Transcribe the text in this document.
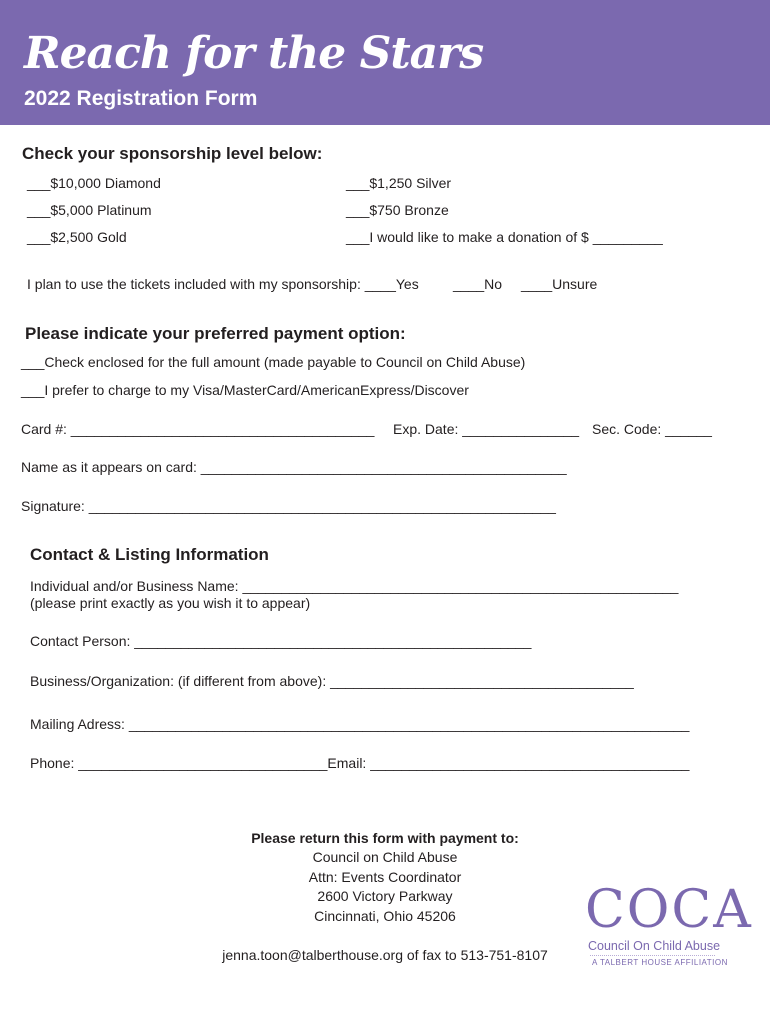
Reach for the Stars
2022 Registration Form
Check your sponsorship level below:
___$10,000 Diamond
___$5,000 Platinum
___$2,500 Gold
___$1,250 Silver
___$750 Bronze
___I would like to make a donation of $ _________
I plan to use the tickets included with my sponsorship: ____Yes ____No ____Unsure
Please indicate your preferred payment option:
___Check enclosed for the full amount (made payable to Council on Child Abuse)
___I prefer to charge to my Visa/MasterCard/AmericanExpress/Discover
Card #: _______________________________________ Exp. Date: _______________ Sec. Code: ______
Name as it appears on card: _______________________________________________
Signature: ____________________________________________________________
Contact & Listing Information
Individual and/or Business Name: ________________________________________________________
(please print exactly as you wish it to appear)
Contact Person: ___________________________________________________
Business/Organization: (if different from above): _______________________________________
Mailing Adress: ________________________________________________________________________
Phone: ________________________________Email: _________________________________________
Please return this form with payment to:
Council on Child Abuse
Attn: Events Coordinator
2600 Victory Parkway
Cincinnati, Ohio 45206
jenna.toon@talberthouse.org of fax to 513-751-8107
COCA
Council On Child Abuse
A TALBERT HOUSE AFFILIATION
